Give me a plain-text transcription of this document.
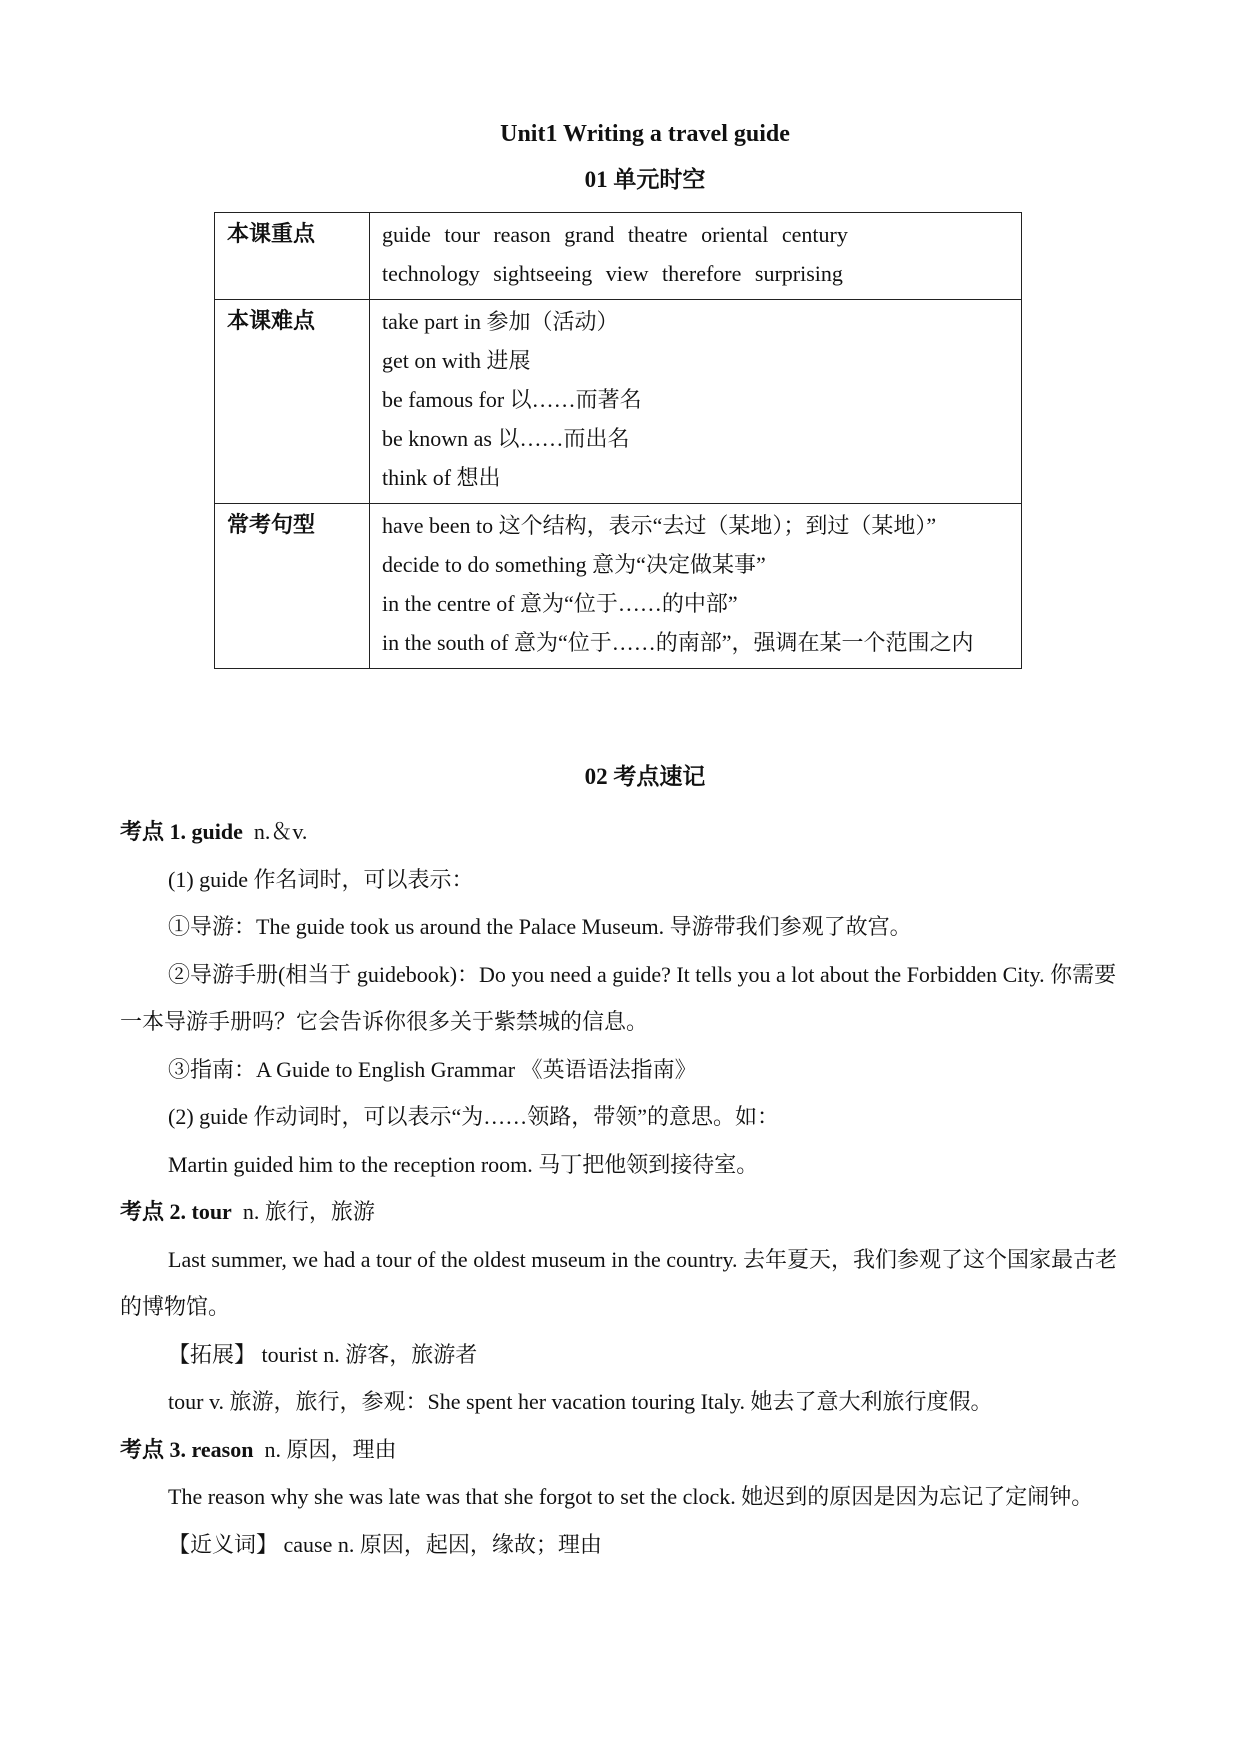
Unit1 Writing a travel guide
01 单元时空
本课重点	guide tour reason grand theatre oriental century
technology sightseeing view therefore surprising

本课难点	take part in 参加（活动）
get on with 进展
be famous for 以……而著名
be known as 以……而出名
think of 想出

常考句型	have been to 这个结构，表示“去过（某地）；到过（某地）”
decide to do something 意为“决定做某事”
in the centre of 意为“位于……的中部”
in the south of 意为“位于……的南部”，强调在某一个范围之内
02 考点速记

考点 1. guide n.＆v.

(1) guide 作名词时，可以表示：

①导游：The guide took us around the Palace Museum. 导游带我们参观了故宫。

②导游手册(相当于 guidebook)：Do you need a guide? It tells you a lot about the Forbidden City. 你需要一本导游手册吗？它会告诉你很多关于紫禁城的信息。

③指南：A Guide to English Grammar 《英语语法指南》

(2) guide 作动词时，可以表示“为……领路，带领”的意思。如：

Martin guided him to the reception room. 马丁把他领到接待室。

考点 2. tour n. 旅行，旅游

Last summer, we had a tour of the oldest museum in the country. 去年夏天，我们参观了这个国家最古老的博物馆。

【拓展】 tourist n. 游客，旅游者

tour v. 旅游，旅行，参观：She spent her vacation touring Italy. 她去了意大利旅行度假。

考点 3. reason n. 原因，理由

The reason why she was late was that she forgot to set the clock. 她迟到的原因是因为忘记了定闹钟。

【近义词】 cause n. 原因，起因，缘故；理由
